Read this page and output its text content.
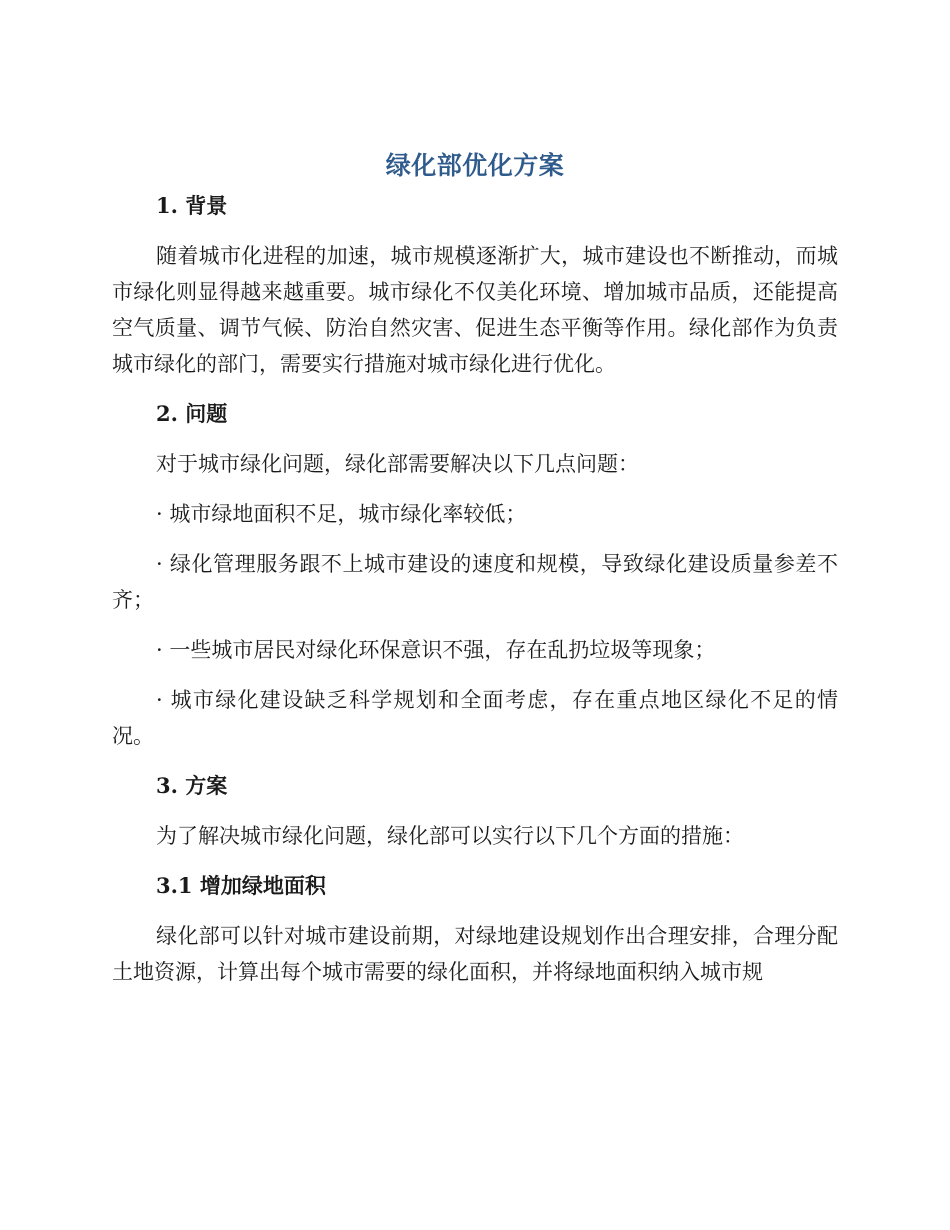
绿化部优化方案
1. 背景

随着城市化进程的加速，城市规模逐渐扩大，城市建设也不断推动，而城市绿化则显得越来越重要。城市绿化不仅美化环境、增加城市品质，还能提高空气质量、调节气候、防治自然灾害、促进生态平衡等作用。绿化部作为负责城市绿化的部门，需要实行措施对城市绿化进行优化。

2. 问题

对于城市绿化问题，绿化部需要解决以下几点问题：

· 城市绿地面积不足，城市绿化率较低；

· 绿化管理服务跟不上城市建设的速度和规模，导致绿化建设质量参差不齐；

· 一些城市居民对绿化环保意识不强，存在乱扔垃圾等现象；

· 城市绿化建设缺乏科学规划和全面考虑，存在重点地区绿化不足的情况。

3. 方案

为了解决城市绿化问题，绿化部可以实行以下几个方面的措施：

3.1 增加绿地面积

绿化部可以针对城市建设前期，对绿地建设规划作出合理安排，合理分配土地资源，计算出每个城市需要的绿化面积，并将绿地面积纳入城市规
